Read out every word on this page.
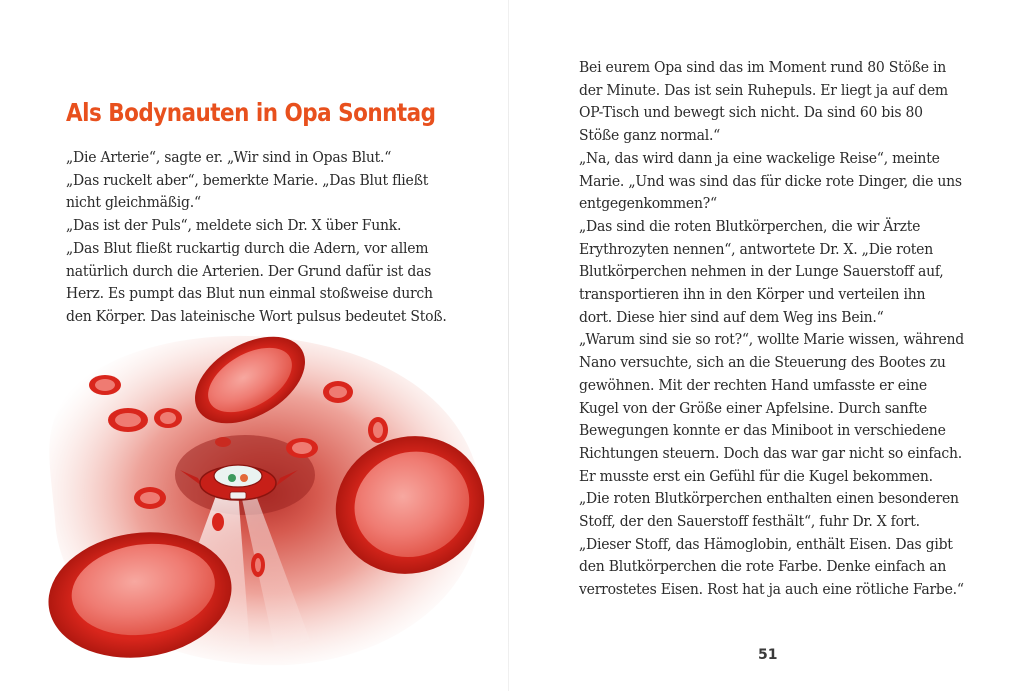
Als Bodynauten in Opa Sonntag
„Die Arterie“, sagte er. „Wir sind in Opas Blut.“
„Das ruckelt aber“, bemerkte Marie. „Das Blut fließt
nicht gleichmäßig.“
„Das ist der Puls“, meldete sich Dr. X über Funk.
„Das Blut fließt ruckartig durch die Adern, vor allem
natürlich durch die Arterien. Der Grund dafür ist das
Herz. Es pumpt das Blut nun einmal stoßweise durch
den Körper. Das lateinische Wort pulsus bedeutet Stoß.
Bei eurem Opa sind das im Moment rund 80 Stöße in
der Minute. Das ist sein Ruhepuls. Er liegt ja auf dem
OP-Tisch und bewegt sich nicht. Da sind 60 bis 80
Stöße ganz normal.“
„Na, das wird dann ja eine wackelige Reise“, meinte
Marie. „Und was sind das für dicke rote Dinger, die uns
entgegenkommen?“
„Das sind die roten Blutkörperchen, die wir Ärzte
Erythrozyten nennen“, antwortete Dr. X. „Die roten
Blutkörperchen nehmen in der Lunge Sauerstoff auf,
transportieren ihn in den Körper und verteilen ihn
dort. Diese hier sind auf dem Weg ins Bein.“
„Warum sind sie so rot?“, wollte Marie wissen, während
Nano versuchte, sich an die Steuerung des Bootes zu
gewöhnen. Mit der rechten Hand umfasste er eine
Kugel von der Größe einer Apfelsine. Durch sanfte
Bewegungen konnte er das Miniboot in verschiedene
Richtungen steuern. Doch das war gar nicht so einfach.
Er musste erst ein Gefühl für die Kugel bekommen.
„Die roten Blutkörperchen enthalten einen besonderen
Stoff, der den Sauerstoff festhält“, fuhr Dr. X fort.
„Dieser Stoff, das Hämoglobin, enthält Eisen. Das gibt
den Blutkörperchen die rote Farbe. Denke einfach an
verrostetes Eisen. Rost hat ja auch eine rötliche Farbe.“
51
